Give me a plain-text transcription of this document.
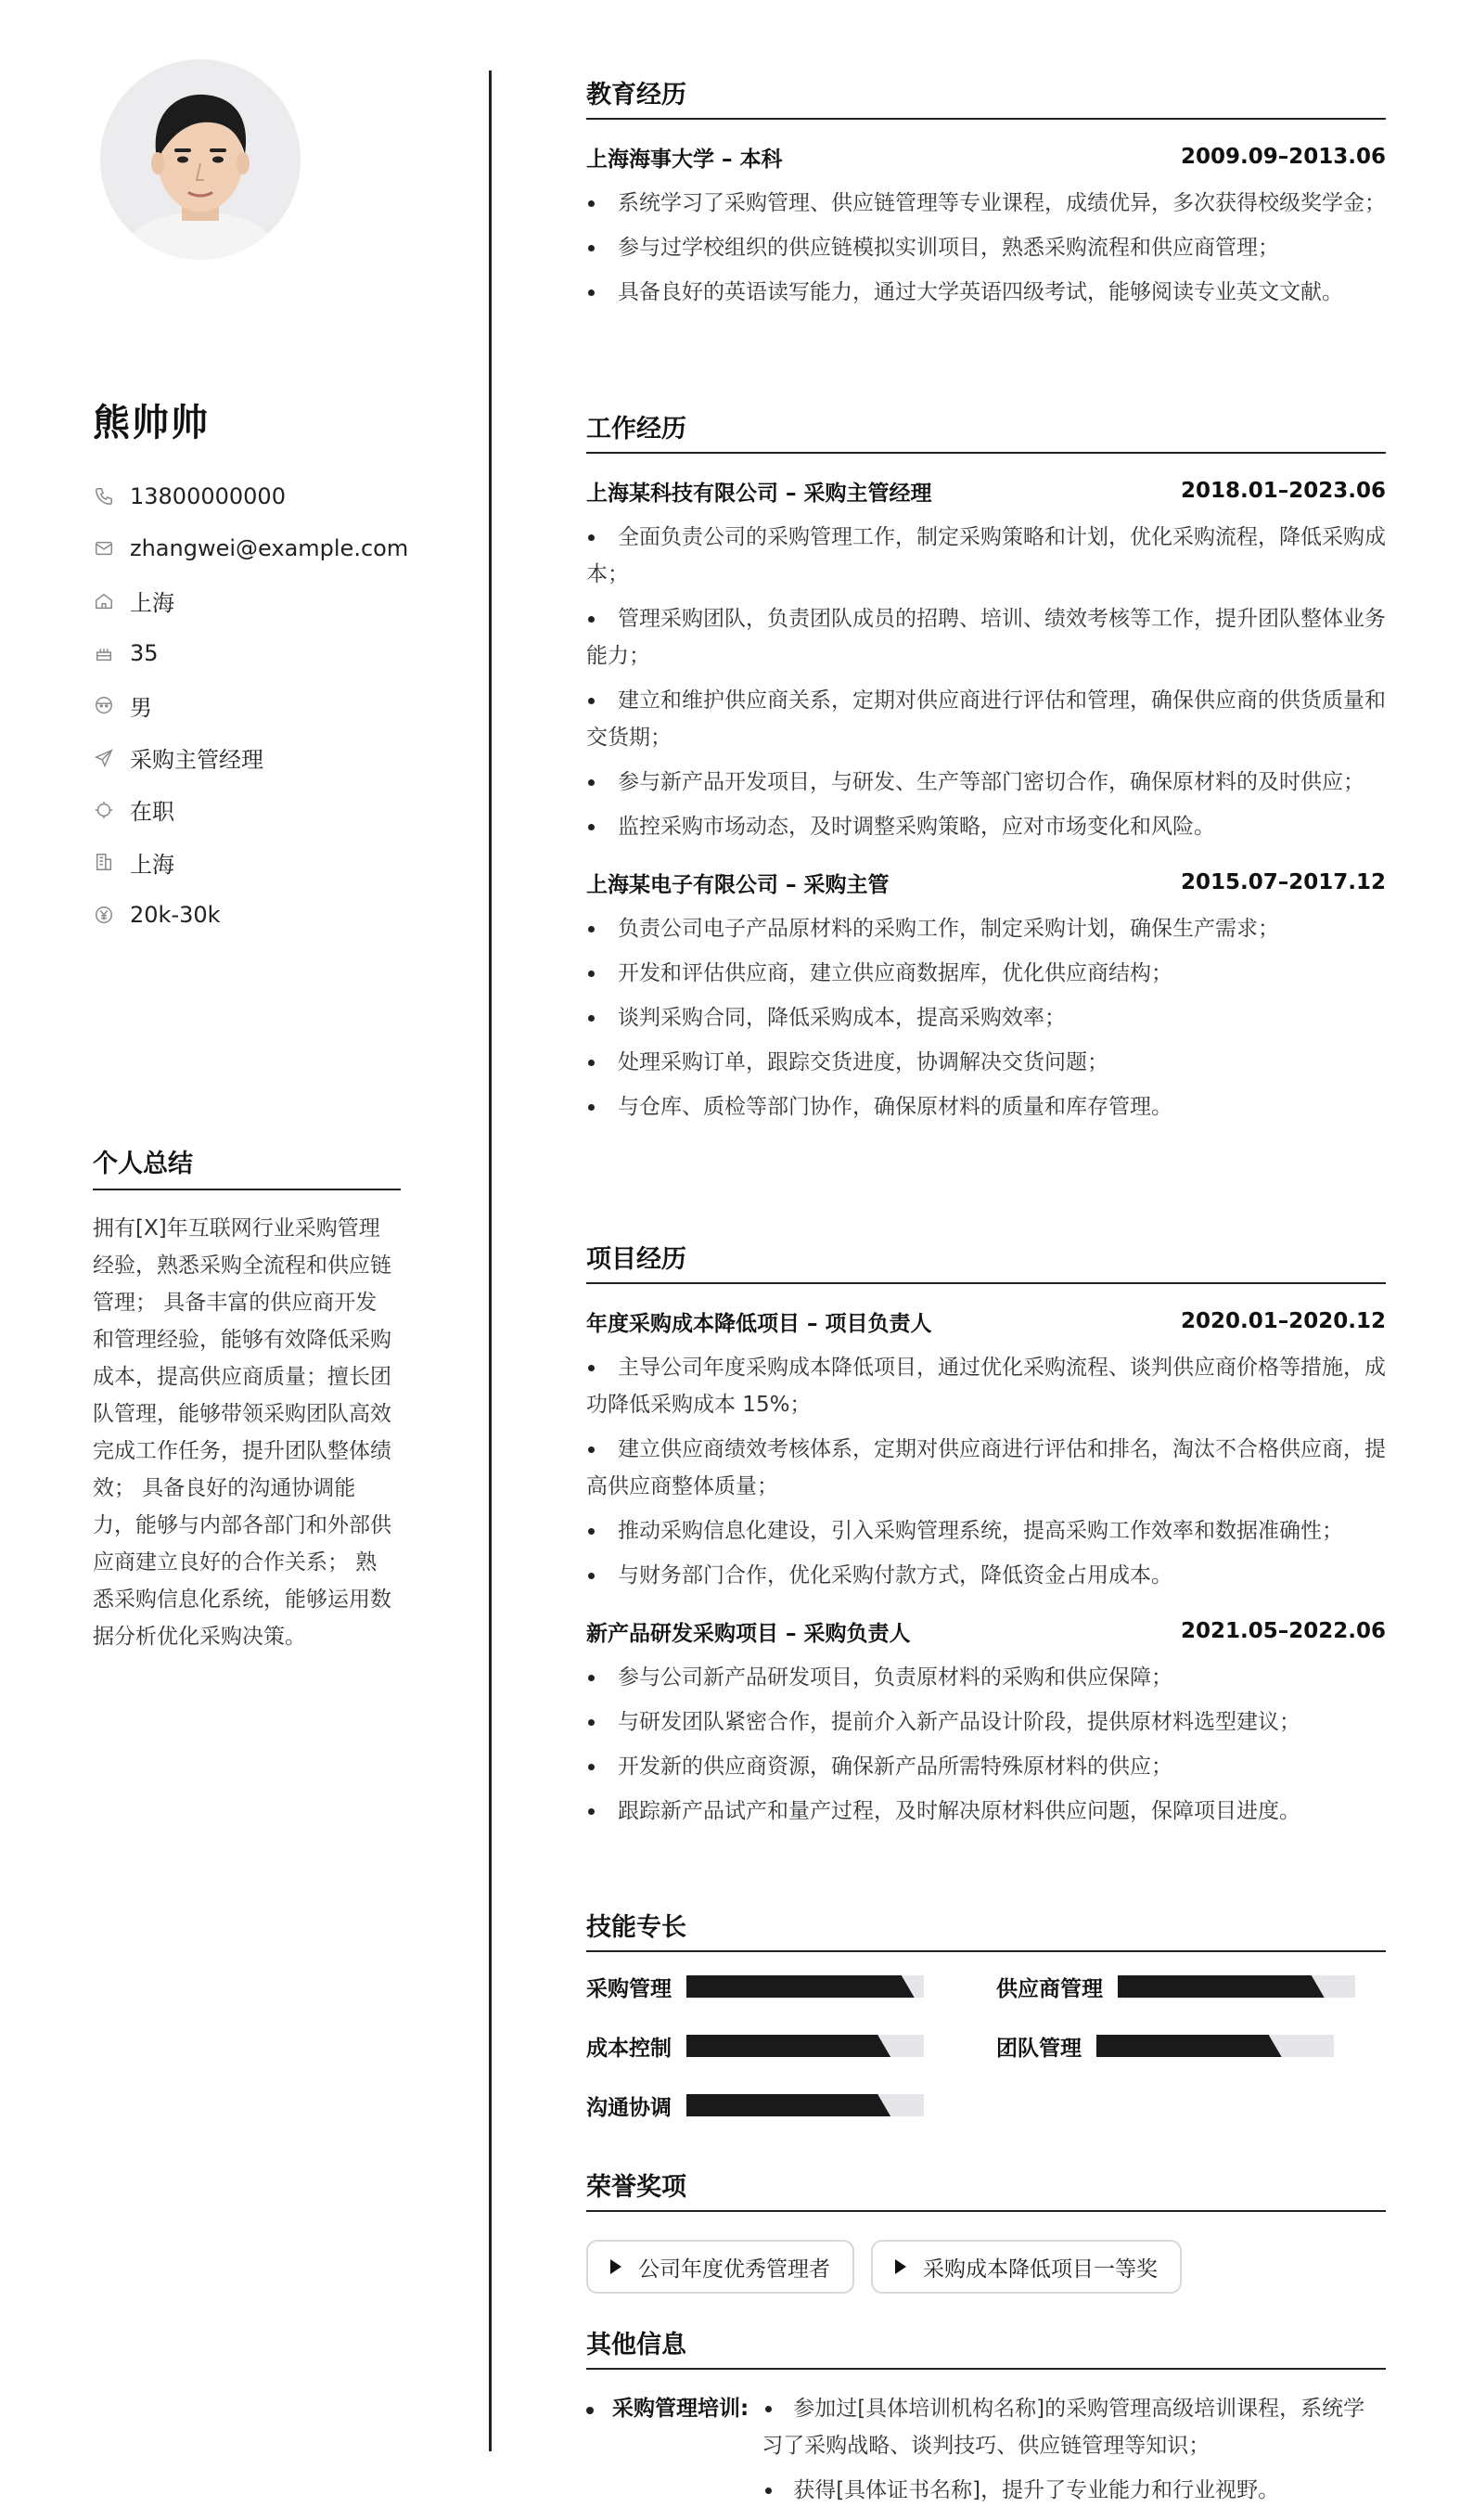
熊帅帅
13800000000
zhangwei@example.com
上海
35
男
采购主管经理
在职
上海
20k-30k
个人总结
拥有[X]年互联网行业采购管理经验，熟悉采购全流程和供应链管理； 具备丰富的供应商开发和管理经验，能够有效降低采购成本，提高供应商质量；擅长团队管理，能够带领采购团队高效完成工作任务，提升团队整体绩效； 具备良好的沟通协调能力，能够与内部各部门和外部供应商建立良好的合作关系； 熟悉采购信息化系统，能够运用数据分析优化采购决策。
教育经历
上海海事大学 – 本科	2009.09–2013.06
系统学习了采购管理、供应链管理等专业课程，成绩优异，多次获得校级奖学金；
参与过学校组织的供应链模拟实训项目，熟悉采购流程和供应商管理；
具备良好的英语读写能力，通过大学英语四级考试，能够阅读专业英文文献。
工作经历
上海某科技有限公司 – 采购主管经理	2018.01–2023.06
全面负责公司的采购管理工作，制定采购策略和计划，优化采购流程，降低采购成本；
管理采购团队，负责团队成员的招聘、培训、绩效考核等工作，提升团队整体业务能力；
建立和维护供应商关系，定期对供应商进行评估和管理，确保供应商的供货质量和交货期；
参与新产品开发项目，与研发、生产等部门密切合作，确保原材料的及时供应；
监控采购市场动态，及时调整采购策略，应对市场变化和风险。
上海某电子有限公司 – 采购主管	2015.07–2017.12
负责公司电子产品原材料的采购工作，制定采购计划，确保生产需求；
开发和评估供应商，建立供应商数据库，优化供应商结构；
谈判采购合同，降低采购成本，提高采购效率；
处理采购订单，跟踪交货进度，协调解决交货问题；
与仓库、质检等部门协作，确保原材料的质量和库存管理。
项目经历
年度采购成本降低项目 – 项目负责人	2020.01–2020.12
主导公司年度采购成本降低项目，通过优化采购流程、谈判供应商价格等措施，成功降低采购成本 15%；
建立供应商绩效考核体系，定期对供应商进行评估和排名，淘汰不合格供应商，提高供应商整体质量；
推动采购信息化建设，引入采购管理系统，提高采购工作效率和数据准确性；
与财务部门合作，优化采购付款方式，降低资金占用成本。
新产品研发采购项目 – 采购负责人	2021.05–2022.06
参与公司新产品研发项目，负责原材料的采购和供应保障；
与研发团队紧密合作，提前介入新产品设计阶段，提供原材料选型建议；
开发新的供应商资源，确保新产品所需特殊原材料的供应；
跟踪新产品试产和量产过程，及时解决原材料供应问题，保障项目进度。
技能专长
采购管理	供应商管理
成本控制	团队管理
沟通协调
荣誉奖项
公司年度优秀管理者	采购成本降低项目一等奖
其他信息
采购管理培训:	参加过[具体培训机构名称]的采购管理高级培训课程，系统学习了采购战略、谈判技巧、供应链管理等知识；
获得[具体证书名称]，提升了专业能力和行业视野。
